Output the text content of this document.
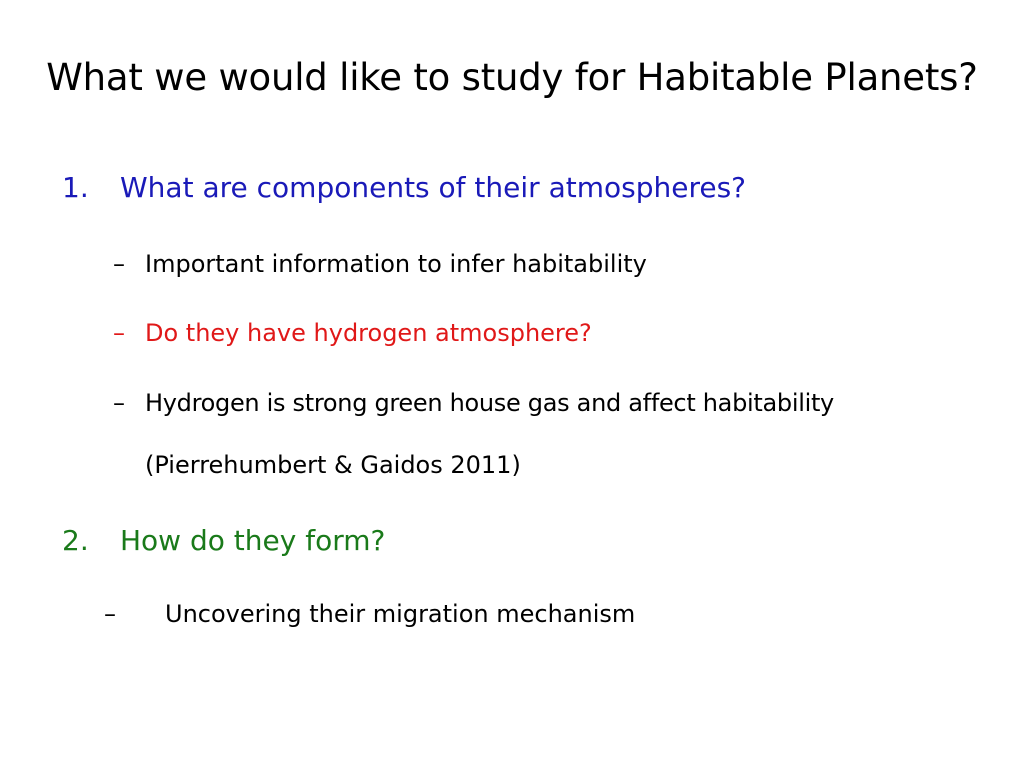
What we would like to study for Habitable Planets?
1. What are components of their atmospheres?
– Important information to infer habitability
– Do they have hydrogen atmosphere?
– Hydrogen is strong green house gas and affect habitability
(Pierrehumbert & Gaidos 2011)
2. How do they form?
– Uncovering their migration mechanism
